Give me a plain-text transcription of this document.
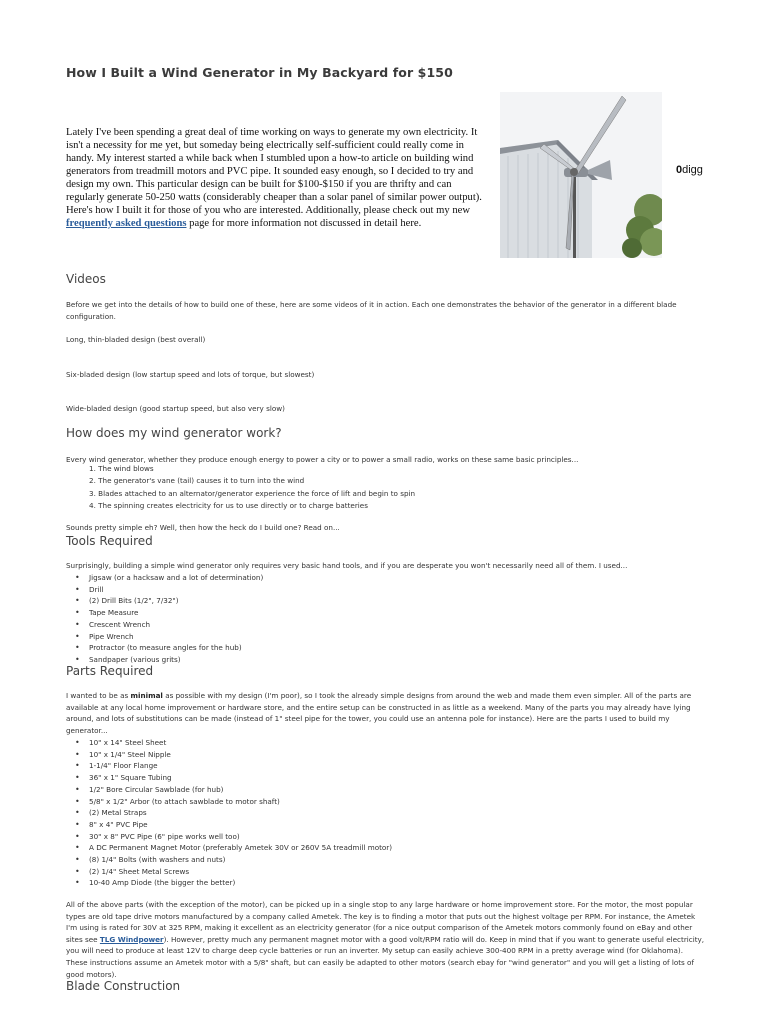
How I Built a Wind Generator in My Backyard for $150
Lately I've been spending a great deal of time working on ways to generate my own electricity. It isn't a necessity for me yet, but someday being electrically self-sufficient could really come in handy. My interest started a while back when I stumbled upon a how-to article on building wind generators from treadmill motors and PVC pipe. It sounded easy enough, so I decided to try and design my own. This particular design can be built for $100-$150 if you are thrifty and can regularly generate 50-250 watts (considerably cheaper than a solar panel of similar power output). Here's how I built it for those of you who are interested. Additionally, please check out my new frequently asked questions page for more information not discussed in detail here.
0digg
Videos
Before we get into the details of how to build one of these, here are some videos of it in action. Each one demonstrates the behavior of the generator in a different blade configuration.
Long, thin-bladed design (best overall)
Six-bladed design (low startup speed and lots of torque, but slowest)
Wide-bladed design (good startup speed, but also very slow)
How does my wind generator work?
Every wind generator, whether they produce enough energy to power a city or to power a small radio, works on these same basic principles...
1. The wind blows
2. The generator's vane (tail) causes it to turn into the wind
3. Blades attached to an alternator/generator experience the force of lift and begin to spin
4. The spinning creates electricity for us to use directly or to charge batteries
Sounds pretty simple eh? Well, then how the heck do I build one? Read on...
Tools Required
Surprisingly, building a simple wind generator only requires very basic hand tools, and if you are desperate you won't necessarily need all of them. I used...
• Jigsaw (or a hacksaw and a lot of determination)
• Drill
• (2) Drill Bits (1/2", 7/32")
• Tape Measure
• Crescent Wrench
• Pipe Wrench
• Protractor (to measure angles for the hub)
• Sandpaper (various grits)
Parts Required
I wanted to be as minimal as possible with my design (I'm poor), so I took the already simple designs from around the web and made them even simpler. All of the parts are available at any local home improvement or hardware store, and the entire setup can be constructed in as little as a weekend. Many of the parts you may already have lying around, and lots of substitutions can be made (instead of 1" steel pipe for the tower, you could use an antenna pole for instance). Here are the parts I used to build my generator...
• 10" x 14" Steel Sheet
• 10" x 1/4" Steel Nipple
• 1-1/4" Floor Flange
• 36" x 1" Square Tubing
• 1/2" Bore Circular Sawblade (for hub)
• 5/8" x 1/2" Arbor (to attach sawblade to motor shaft)
• (2) Metal Straps
• 8" x 4" PVC Pipe
• 30" x 8" PVC Pipe (6" pipe works well too)
• A DC Permanent Magnet Motor (preferably Ametek 30V or 260V 5A treadmill motor)
• (8) 1/4" Bolts (with washers and nuts)
• (2) 1/4" Sheet Metal Screws
• 10-40 Amp Diode (the bigger the better)
All of the above parts (with the exception of the motor), can be picked up in a single stop to any large hardware or home improvement store. For the motor, the most popular types are old tape drive motors manufactured by a company called Ametek. The key is to finding a motor that puts out the highest voltage per RPM. For instance, the Ametek I'm using is rated for 30V at 325 RPM, making it excellent as an electricity generator (for a nice output comparison of the Ametek motors commonly found on eBay and other sites see TLG Windpower). However, pretty much any permanent magnet motor with a good volt/RPM ratio will do. Keep in mind that if you want to generate useful electricity, you will need to produce at least 12V to charge deep cycle batteries or run an inverter. My setup can easily achieve 300-400 RPM in a pretty average wind (for Oklahoma). These instructions assume an Ametek motor with a 5/8" shaft, but can easily be adapted to other motors (search ebay for "wind generator" and you will get a listing of lots of good motors).
Blade Construction
